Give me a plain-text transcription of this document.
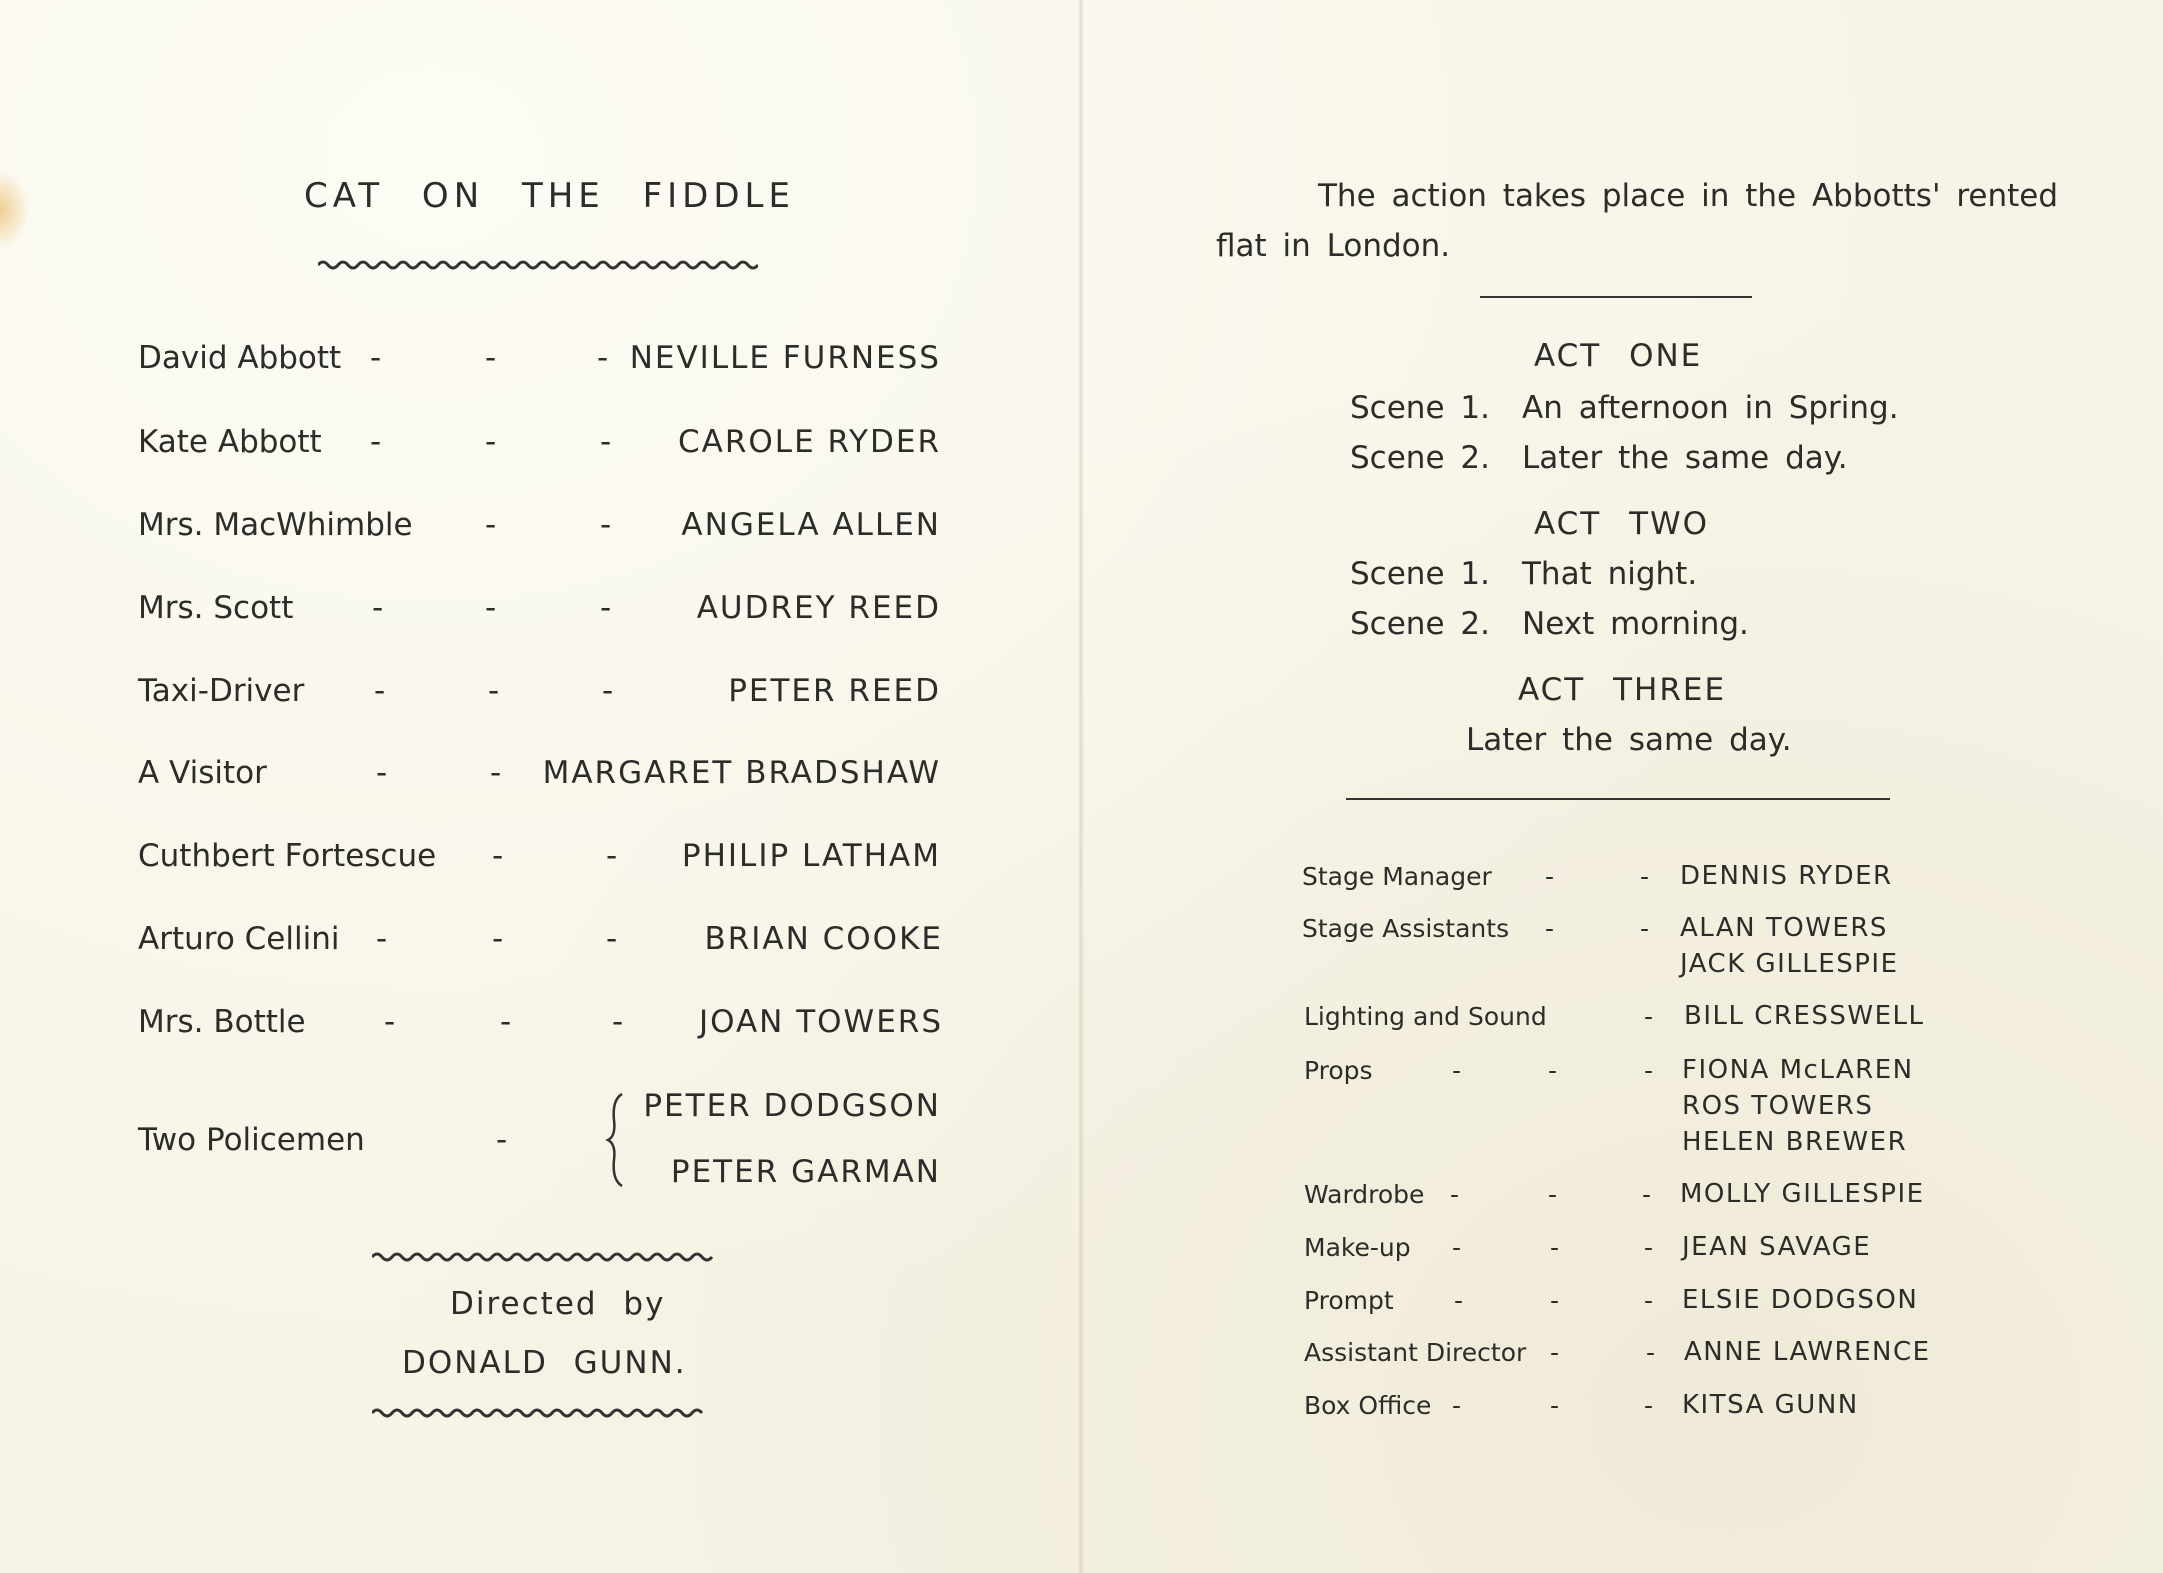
CAT ON THE FIDDLE
David Abbott -	-	- NEVILLE FURNESS
Kate Abbott -	-	- CAROLE RYDER
Mrs. MacWhimble -	- ANGELA ALLEN
Mrs. Scott	-	-	-	AUDREY REED
Taxi-Driver -	-	-	PETER REED
A Visitor	-	- MARGARET BRADSHAW
Cuthbert Fortescue -	- PHILIP LATHAM
Arturo Cellini -	-	-	BRIAN COOKE
Mrs. Bottle	-	-	- JOAN TOWERS
Two Policemen	-
PETER DODGSON
PETER GARMAN
Directed by
DONALD GUNN.
The action takes place in the Abbotts' rented
flat in London.
ACT ONE
Scene 1. An afternoon in Spring.
Scene 2. Later the same day.
ACT TWO
Scene 1. That night.
Scene 2. Next morning.
ACT THREE
Later the same day.
Stage Manager -	- DENNIS RYDER
Stage Assistants -	- ALAN TOWERS
JACK GILLESPIE
Lighting and Sound	- BILL CRESSWELL
Props	-	-	- FIONA McLAREN
ROS TOWERS
HELEN BREWER
Wardrobe -	-	- MOLLY GILLESPIE
Make-up -	-	- JEAN SAVAGE
Prompt -	-	- ELSIE DODGSON
Assistant Director -	- ANNE LAWRENCE
Box Office -	-	- KITSA GUNN
